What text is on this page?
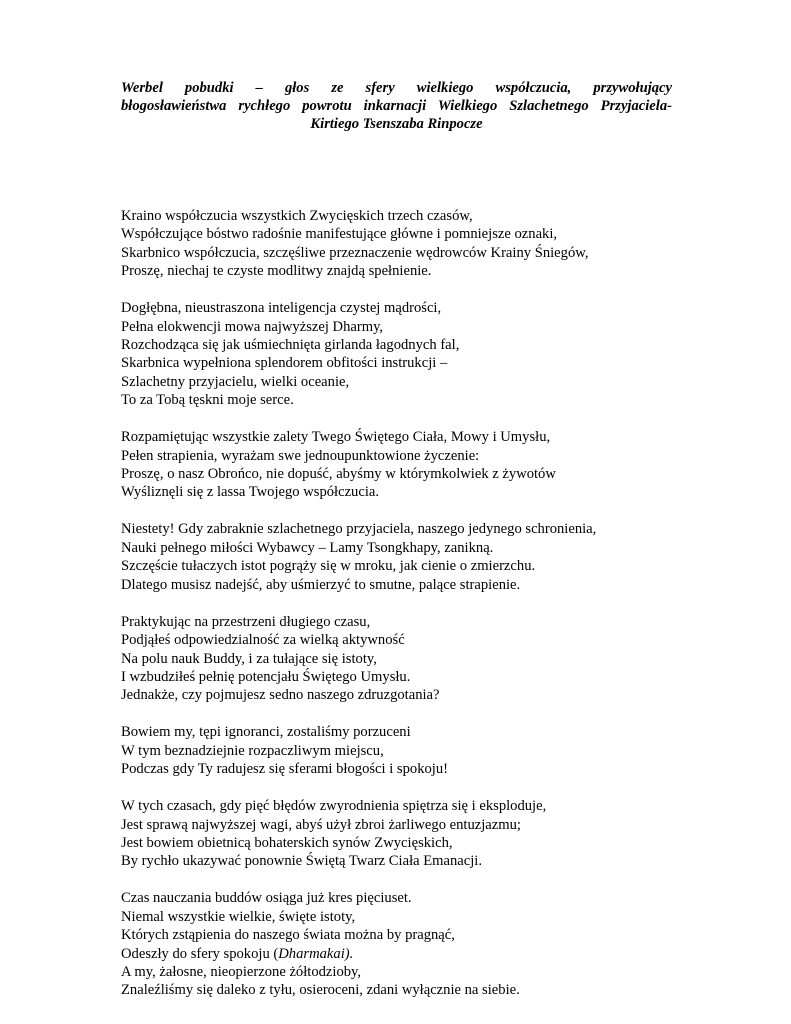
Werbel pobudki – głos ze sfery wielkiego współczucia, przywołujący
błogosławieństwa rychłego powrotu inkarnacji Wielkiego Szlachetnego Przyjaciela-
Kirtiego Tsenszaba Rinpocze
Kraino współczucia wszystkich Zwycięskich trzech czasów,
Współczujące bóstwo radośnie manifestujące główne i pomniejsze oznaki,
Skarbnico współczucia, szczęśliwe przeznaczenie wędrowców Krainy Śniegów,
Proszę, niechaj te czyste modlitwy znajdą spełnienie.
Dogłębna, nieustraszona inteligencja czystej mądrości,
Pełna elokwencji mowa najwyższej Dharmy,
Rozchodząca się jak uśmiechnięta girlanda łagodnych fal,
Skarbnica wypełniona splendorem obfitości instrukcji –
Szlachetny przyjacielu, wielki oceanie,
To za Tobą tęskni moje serce.
Rozpamiętując wszystkie zalety Twego Świętego Ciała, Mowy i Umysłu,
Pełen strapienia, wyrażam swe jednoupunktowione życzenie:
Proszę, o nasz Obrońco, nie dopuść, abyśmy w którymkolwiek z żywotów
Wyśliznęli się z lassa Twojego współczucia.
Niestety! Gdy zabraknie szlachetnego przyjaciela, naszego jedynego schronienia,
Nauki pełnego miłości Wybawcy – Lamy Tsongkhapy, zanikną.
Szczęście tułaczych istot pogrąży się w mroku, jak cienie o zmierzchu.
Dlatego musisz nadejść, aby uśmierzyć to smutne, palące strapienie.
Praktykując na przestrzeni długiego czasu,
Podjąłeś odpowiedzialność za wielką aktywność
Na polu nauk Buddy, i za tułające się istoty,
I wzbudziłeś pełnię potencjału Świętego Umysłu.
Jednakże, czy pojmujesz sedno naszego zdruzgotania?
Bowiem my, tępi ignoranci, zostaliśmy porzuceni
W tym beznadziejnie rozpaczliwym miejscu,
Podczas gdy Ty radujesz się sferami błogości i spokoju!
W tych czasach, gdy pięć błędów zwyrodnienia spiętrza się i eksploduje,
Jest sprawą najwyższej wagi, abyś użył zbroi żarliwego entuzjazmu;
Jest bowiem obietnicą bohaterskich synów Zwycięskich,
By rychło ukazywać ponownie Świętą Twarz Ciała Emanacji.
Czas nauczania buddów osiąga już kres pięciuset.
Niemal wszystkie wielkie, święte istoty,
Których zstąpienia do naszego świata można by pragnąć,
Odeszły do sfery spokoju (Dharmakai).
A my, żałosne, nieopierzone żółtodzioby,
Znaleźliśmy się daleko z tyłu, osieroceni, zdani wyłącznie na siebie.
